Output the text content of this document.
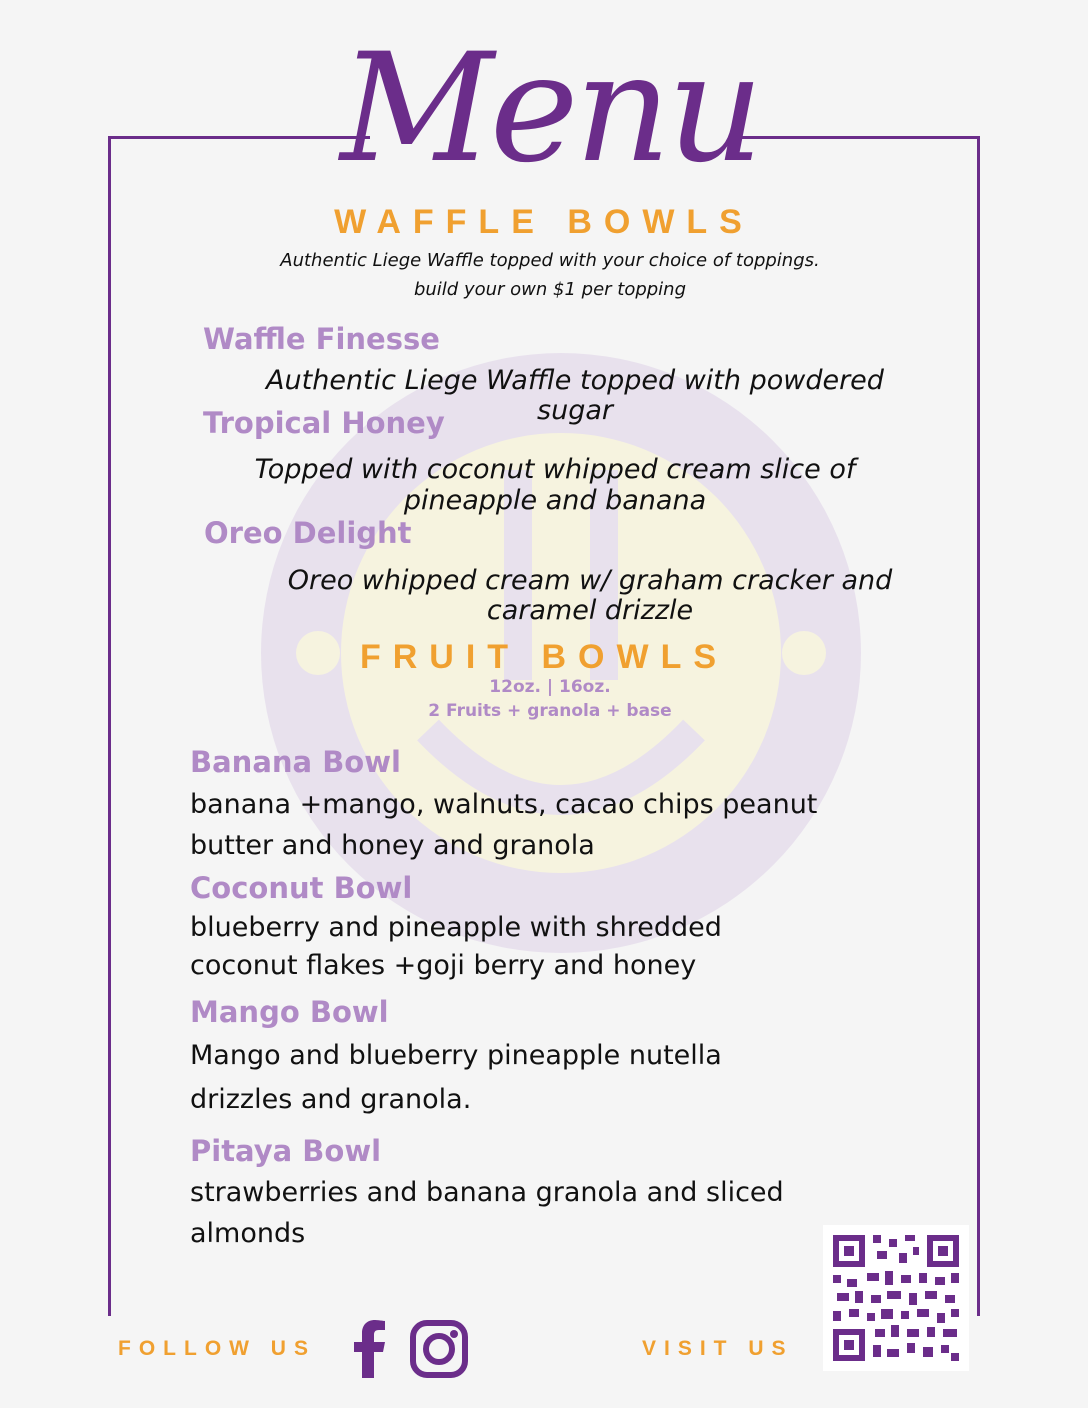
Menu
WAFFLE BOWLS

Authentic Liege Waffle topped with your choice of toppings.

build your own $1 per topping

Waffle Finesse

Authentic Liege Waffle topped with powdered

sugar

Tropical Honey

Topped with coconut whipped cream slice of

pineapple and banana

Oreo Delight

Oreo whipped cream w/ graham cracker and

caramel drizzle

FRUIT BOWLS

12oz. | 16oz.

2 Fruits + granola + base

Banana Bowl

banana +mango, walnuts, cacao chips peanut

butter and honey and granola

Coconut Bowl

blueberry and pineapple with shredded

coconut flakes +goji berry and honey

Mango Bowl

Mango and blueberry pineapple nutella

drizzles and granola.

Pitaya Bowl

strawberries and banana granola and sliced

almonds

FOLLOW US	VISIT US
